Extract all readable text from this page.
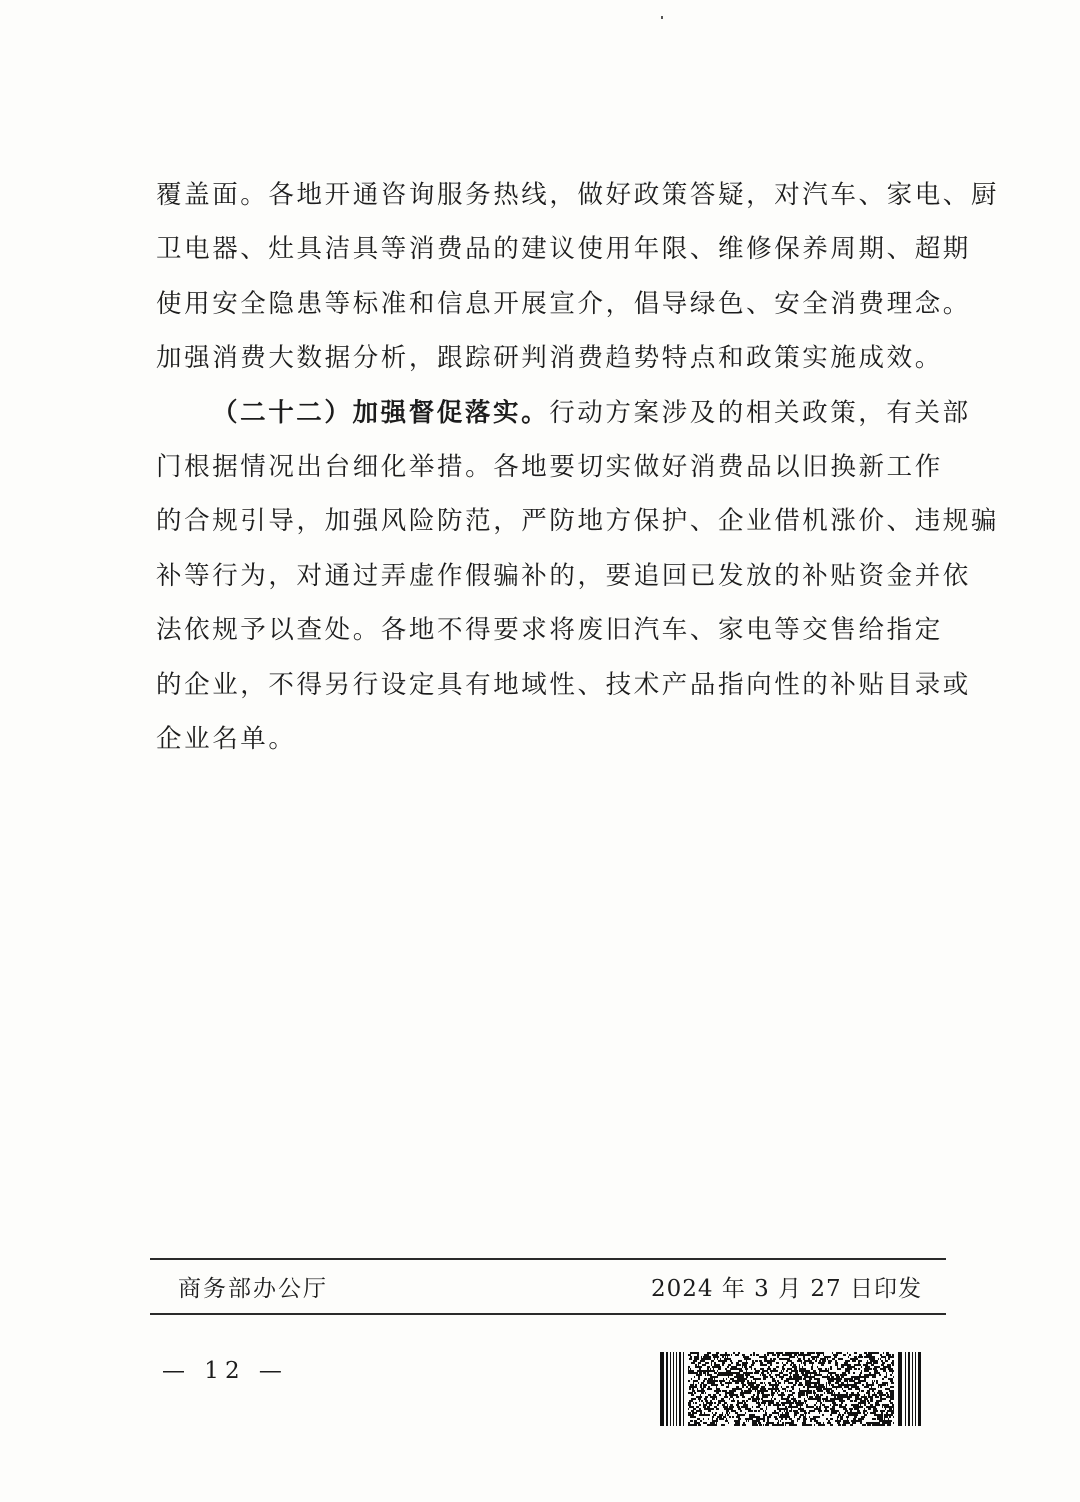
覆盖面。各地开通咨询服务热线，做好政策答疑，对汽车、家电、厨
卫电器、灶具洁具等消费品的建议使用年限、维修保养周期、超期
使用安全隐患等标准和信息开展宣介，倡导绿色、安全消费理念。
加强消费大数据分析，跟踪研判消费趋势特点和政策实施成效。
（二十二）加强督促落实。行动方案涉及的相关政策，有关部
门根据情况出台细化举措。各地要切实做好消费品以旧换新工作
的合规引导，加强风险防范，严防地方保护、企业借机涨价、违规骗
补等行为，对通过弄虚作假骗补的，要追回已发放的补贴资金并依
法依规予以查处。各地不得要求将废旧汽车、家电等交售给指定
的企业，不得另行设定具有地域性、技术产品指向性的补贴目录或
企业名单。
商务部办公厅	2024 年 3 月 27 日印发
— 12 —
